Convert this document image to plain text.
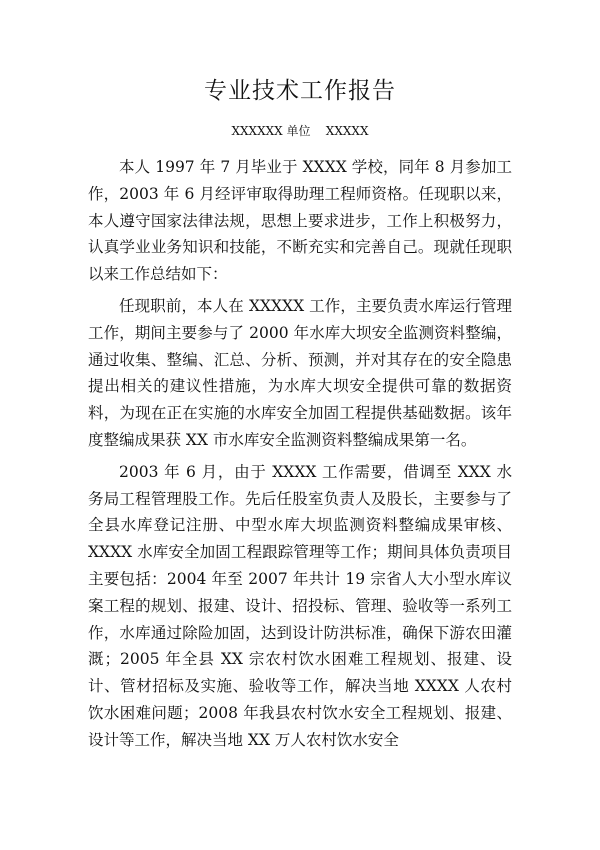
专业技术工作报告
XXXXXX 单位    XXXXX

本人 1997 年 7 月毕业于 XXXX 学校，同年 8 月参加工作，2003 年 6 月经评审取得助理工程师资格。任现职以来，本人遵守国家法律法规，思想上要求进步，工作上积极努力，认真学业业务知识和技能，不断充实和完善自己。现就任现职以来工作总结如下：

任现职前，本人在 XXXXX 工作，主要负责水库运行管理工作，期间主要参与了 2000 年水库大坝安全监测资料整编，通过收集、整编、汇总、分析、预测，并对其存在的安全隐患提出相关的建议性措施，为水库大坝安全提供可靠的数据资料，为现在正在实施的水库安全加固工程提供基础数据。该年度整编成果获 XX 市水库安全监测资料整编成果第一名。

2003 年 6 月，由于 XXXX 工作需要，借调至 XXX 水务局工程管理股工作。先后任股室负责人及股长，主要参与了全县水库登记注册、中型水库大坝监测资料整编成果审核、XXXX 水库安全加固工程跟踪管理等工作；期间具体负责项目主要包括：2004 年至 2007 年共计 19 宗省人大小型水库议案工程的规划、报建、设计、招投标、管理、验收等一系列工作，水库通过除险加固，达到设计防洪标准，确保下游农田灌溉；2005 年全县 XX 宗农村饮水困难工程规划、报建、设计、管材招标及实施、验收等工作，解决当地 XXXX 人农村饮水困难问题；2008 年我县农村饮水安全工程规划、报建、设计等工作，解决当地 XX 万人农村饮水安全
